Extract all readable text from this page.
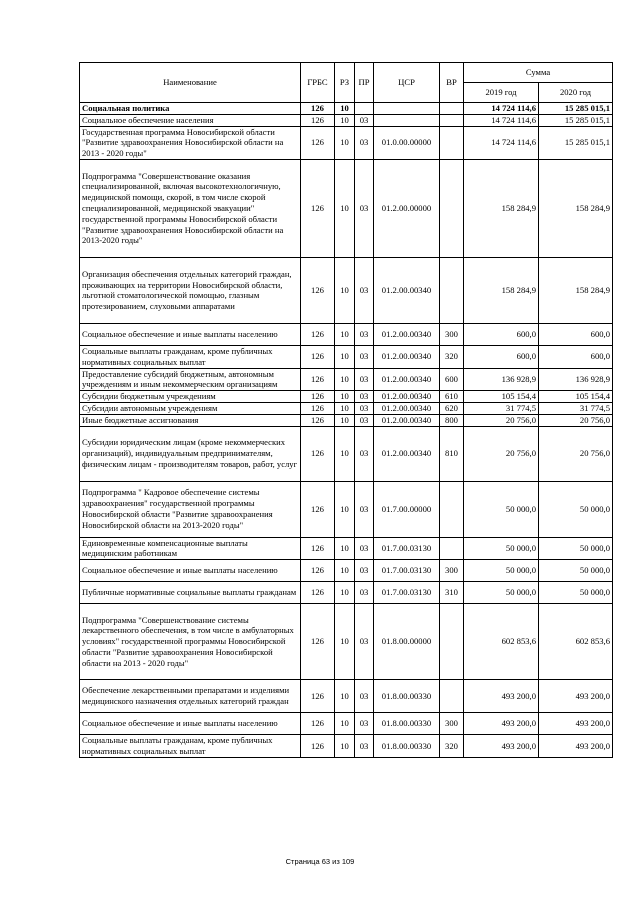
Наименование	ГРБС	РЗ	ПР	ЦСР	ВР	Сумма	
						2019 год	2020 год
Социальная политика	126	10				14 724 114,6	15 285 015,1
Социальное обеспечение населения	126	10	03			14 724 114,6	15 285 015,1
Государственная программа Новосибирской области "Развитие здравоохранения Новосибирской области на 2013 - 2020 годы"	126	10	03	01.0.00.00000		14 724 114,6	15 285 015,1
Подпрограмма "Совершенствование оказания специализированной, включая высокотехнологичную, медицинской помощи, скорой, в том числе скорой специализированной, медицинской эвакуации" государственной программы Новосибирской области "Развитие здравоохранения Новосибирской области на 2013-2020 годы"	126	10	03	01.2.00.00000		158 284,9	158 284,9
Организация обеспечения отдельных категорий граждан, проживающих на территории Новосибирской области, льготной стоматологической помощью, глазным протезированием, слуховыми аппаратами	126	10	03	01.2.00.00340		158 284,9	158 284,9
Социальное обеспечение и иные выплаты населению	126	10	03	01.2.00.00340	300	600,0	600,0
Социальные выплаты гражданам, кроме публичных нормативных социальных выплат	126	10	03	01.2.00.00340	320	600,0	600,0
Предоставление субсидий бюджетным, автономным учреждениям и иным некоммерческим организациям	126	10	03	01.2.00.00340	600	136 928,9	136 928,9
Субсидии бюджетным учреждениям	126	10	03	01.2.00.00340	610	105 154,4	105 154,4
Субсидии автономным учреждениям	126	10	03	01.2.00.00340	620	31 774,5	31 774,5
Иные бюджетные ассигнования	126	10	03	01.2.00.00340	800	20 756,0	20 756,0
Субсидии юридическим лицам (кроме некоммерческих организаций), индивидуальным предпринимателям, физическим лицам - производителям товаров, работ, услуг	126	10	03	01.2.00.00340	810	20 756,0	20 756,0
Подпрограмма " Кадровое обеспечение системы здравоохранения" государственной программы Новосибирской области "Развитие здравоохранения Новосибирской области на 2013-2020 годы"	126	10	03	01.7.00.00000		50 000,0	50 000,0
Единовременные компенсационные выплаты медицинским работникам	126	10	03	01.7.00.03130		50 000,0	50 000,0
Социальное обеспечение и иные выплаты населению	126	10	03	01.7.00.03130	300	50 000,0	50 000,0
Публичные нормативные социальные выплаты гражданам	126	10	03	01.7.00.03130	310	50 000,0	50 000,0
Подпрограмма "Совершенствование системы лекарственного обеспечения, в том числе в амбулаторных условиях" государственной программы Новосибирской области "Развитие здравоохранения Новосибирской области на 2013 - 2020 годы"	126	10	03	01.8.00.00000		602 853,6	602 853,6
Обеспечение лекарственными препаратами и изделиями медицинского назначения отдельных категорий граждан	126	10	03	01.8.00.00330		493 200,0	493 200,0
Социальное обеспечение и иные выплаты населению	126	10	03	01.8.00.00330	300	493 200,0	493 200,0
Социальные выплаты гражданам, кроме публичных нормативных социальных выплат	126	10	03	01.8.00.00330	320	493 200,0	493 200,0
Страница 63 из 109
